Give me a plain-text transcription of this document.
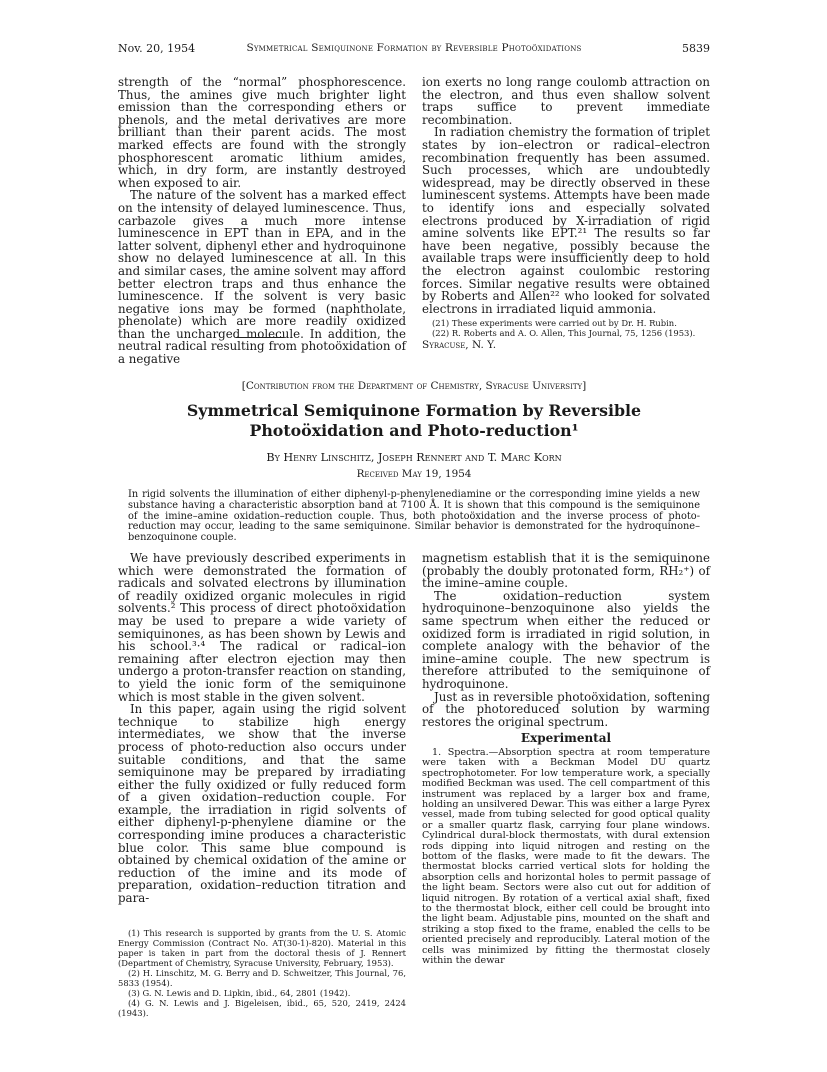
Nov. 20, 1954	Symmetrical Semiquinone Formation by Reversible Photoöxidations	5839

strength of the “normal” phosphorescence. Thus, the amines give much brighter light emission than the corresponding ethers or phenols, and the metal derivatives are more brilliant than their parent acids. The most marked effects are found with the strongly phosphorescent aromatic lithium amides, which, in dry form, are instantly destroyed when exposed to air.

The nature of the solvent has a marked effect on the intensity of delayed luminescence. Thus, carbazole gives a much more intense luminescence in EPT than in EPA, and in the latter solvent, diphenyl ether and hydroquinone show no delayed luminescence at all. In this and similar cases, the amine solvent may afford better electron traps and thus enhance the luminescence. If the solvent is very basic negative ions may be formed (naphtholate, phenolate) which are more readily oxidized than the uncharged molecule. In addition, the neutral radical resulting from photoöxidation of a negative

ion exerts no long range coulomb attraction on the electron, and thus even shallow solvent traps suffice to prevent immediate recombination.

In radiation chemistry the formation of triplet states by ion–electron or radical–electron recombination frequently has been assumed. Such processes, which are undoubtedly widespread, may be directly observed in these luminescent systems. Attempts have been made to identify ions and especially solvated electrons produced by X-irradiation of rigid amine solvents like EPT.²¹ The results so far have been negative, possibly because the available traps were insufficiently deep to hold the electron against coulombic restoring forces. Similar negative results were obtained by Roberts and Allen²² who looked for solvated electrons in irradiated liquid ammonia.

(21) These experiments were carried out by Dr. H. Rubin.

(22) R. Roberts and A. O. Allen, This Journal, 75, 1256 (1953).

Syracuse, N. Y.
[Contribution from the Department of Chemistry, Syracuse University]
Symmetrical Semiquinone Formation by Reversible Photoöxidation and Photo-reduction¹
By Henry Linschitz, Joseph Rennert and T. Marc Korn
Received May 19, 1954
In rigid solvents the illumination of either diphenyl-p-phenylenediamine or the corresponding imine yields a new substance having a characteristic absorption band at 7100 Å. It is shown that this compound is the semiquinone of the imine–amine oxidation–reduction couple. Thus, both photoöxidation and the inverse process of photo-reduction may occur, leading to the same semiquinone. Similar behavior is demonstrated for the hydroquinone–benzoquinone couple.

We have previously described experiments in which were demonstrated the formation of radicals and solvated electrons by illumination of readily oxidized organic molecules in rigid solvents.² This process of direct photoöxidation may be used to prepare a wide variety of semiquinones, as has been shown by Lewis and his school.³·⁴ The radical or radical–ion remaining after electron ejection may then undergo a proton-transfer reaction on standing, to yield the ionic form of the semiquinone which is most stable in the given solvent.

In this paper, again using the rigid solvent technique to stabilize high energy intermediates, we show that the inverse process of photo-reduction also occurs under suitable conditions, and that the same semiquinone may be prepared by irradiating either the fully oxidized or fully reduced form of a given oxidation–reduction couple. For example, the irradiation in rigid solvents of either diphenyl-p-phenylene diamine or the corresponding imine produces a characteristic blue color. This same blue compound is obtained by chemical oxidation of the amine or reduction of the imine and its mode of preparation, oxidation–reduction titration and para-

(1) This research is supported by grants from the U. S. Atomic Energy Commission (Contract No. AT(30-1)-820). Material in this paper is taken in part from the doctoral thesis of J. Rennert (Department of Chemistry, Syracuse University, February, 1953).

(2) H. Linschitz, M. G. Berry and D. Schweitzer, This Journal, 76, 5833 (1954).

(3) G. N. Lewis and D. Lipkin, ibid., 64, 2801 (1942).

(4) G. N. Lewis and J. Bigeleisen, ibid., 65, 520, 2419, 2424 (1943).

magnetism establish that it is the semiquinone (probably the doubly protonated form, RH₂⁺) of the imine–amine couple.

The oxidation–reduction system hydroquinone–benzoquinone also yields the same spectrum when either the reduced or oxidized form is irradiated in rigid solution, in complete analogy with the behavior of the imine–amine couple. The new spectrum is therefore attributed to the semiquinone of hydroquinone.

Just as in reversible photoöxidation, softening of the photoreduced solution by warming restores the original spectrum.

Experimental

1. Spectra.—Absorption spectra at room temperature were taken with a Beckman Model DU quartz spectrophotometer. For low temperature work, a specially modified Beckman was used. The cell compartment of this instrument was replaced by a larger box and frame, holding an unsilvered Dewar. This was either a large Pyrex vessel, made from tubing selected for good optical quality or a smaller quartz flask, carrying four plane windows. Cylindrical dural-block thermostats, with dural extension rods dipping into liquid nitrogen and resting on the bottom of the flasks, were made to fit the dewars. The thermostat blocks carried vertical slots for holding the absorption cells and horizontal holes to permit passage of the light beam. Sectors were also cut out for addition of liquid nitrogen. By rotation of a vertical axial shaft, fixed to the thermostat block, either cell could be brought into the light beam. Adjustable pins, mounted on the shaft and striking a stop fixed to the frame, enabled the cells to be oriented precisely and reproducibly. Lateral motion of the cells was minimized by fitting the thermostat closely within the dewar
